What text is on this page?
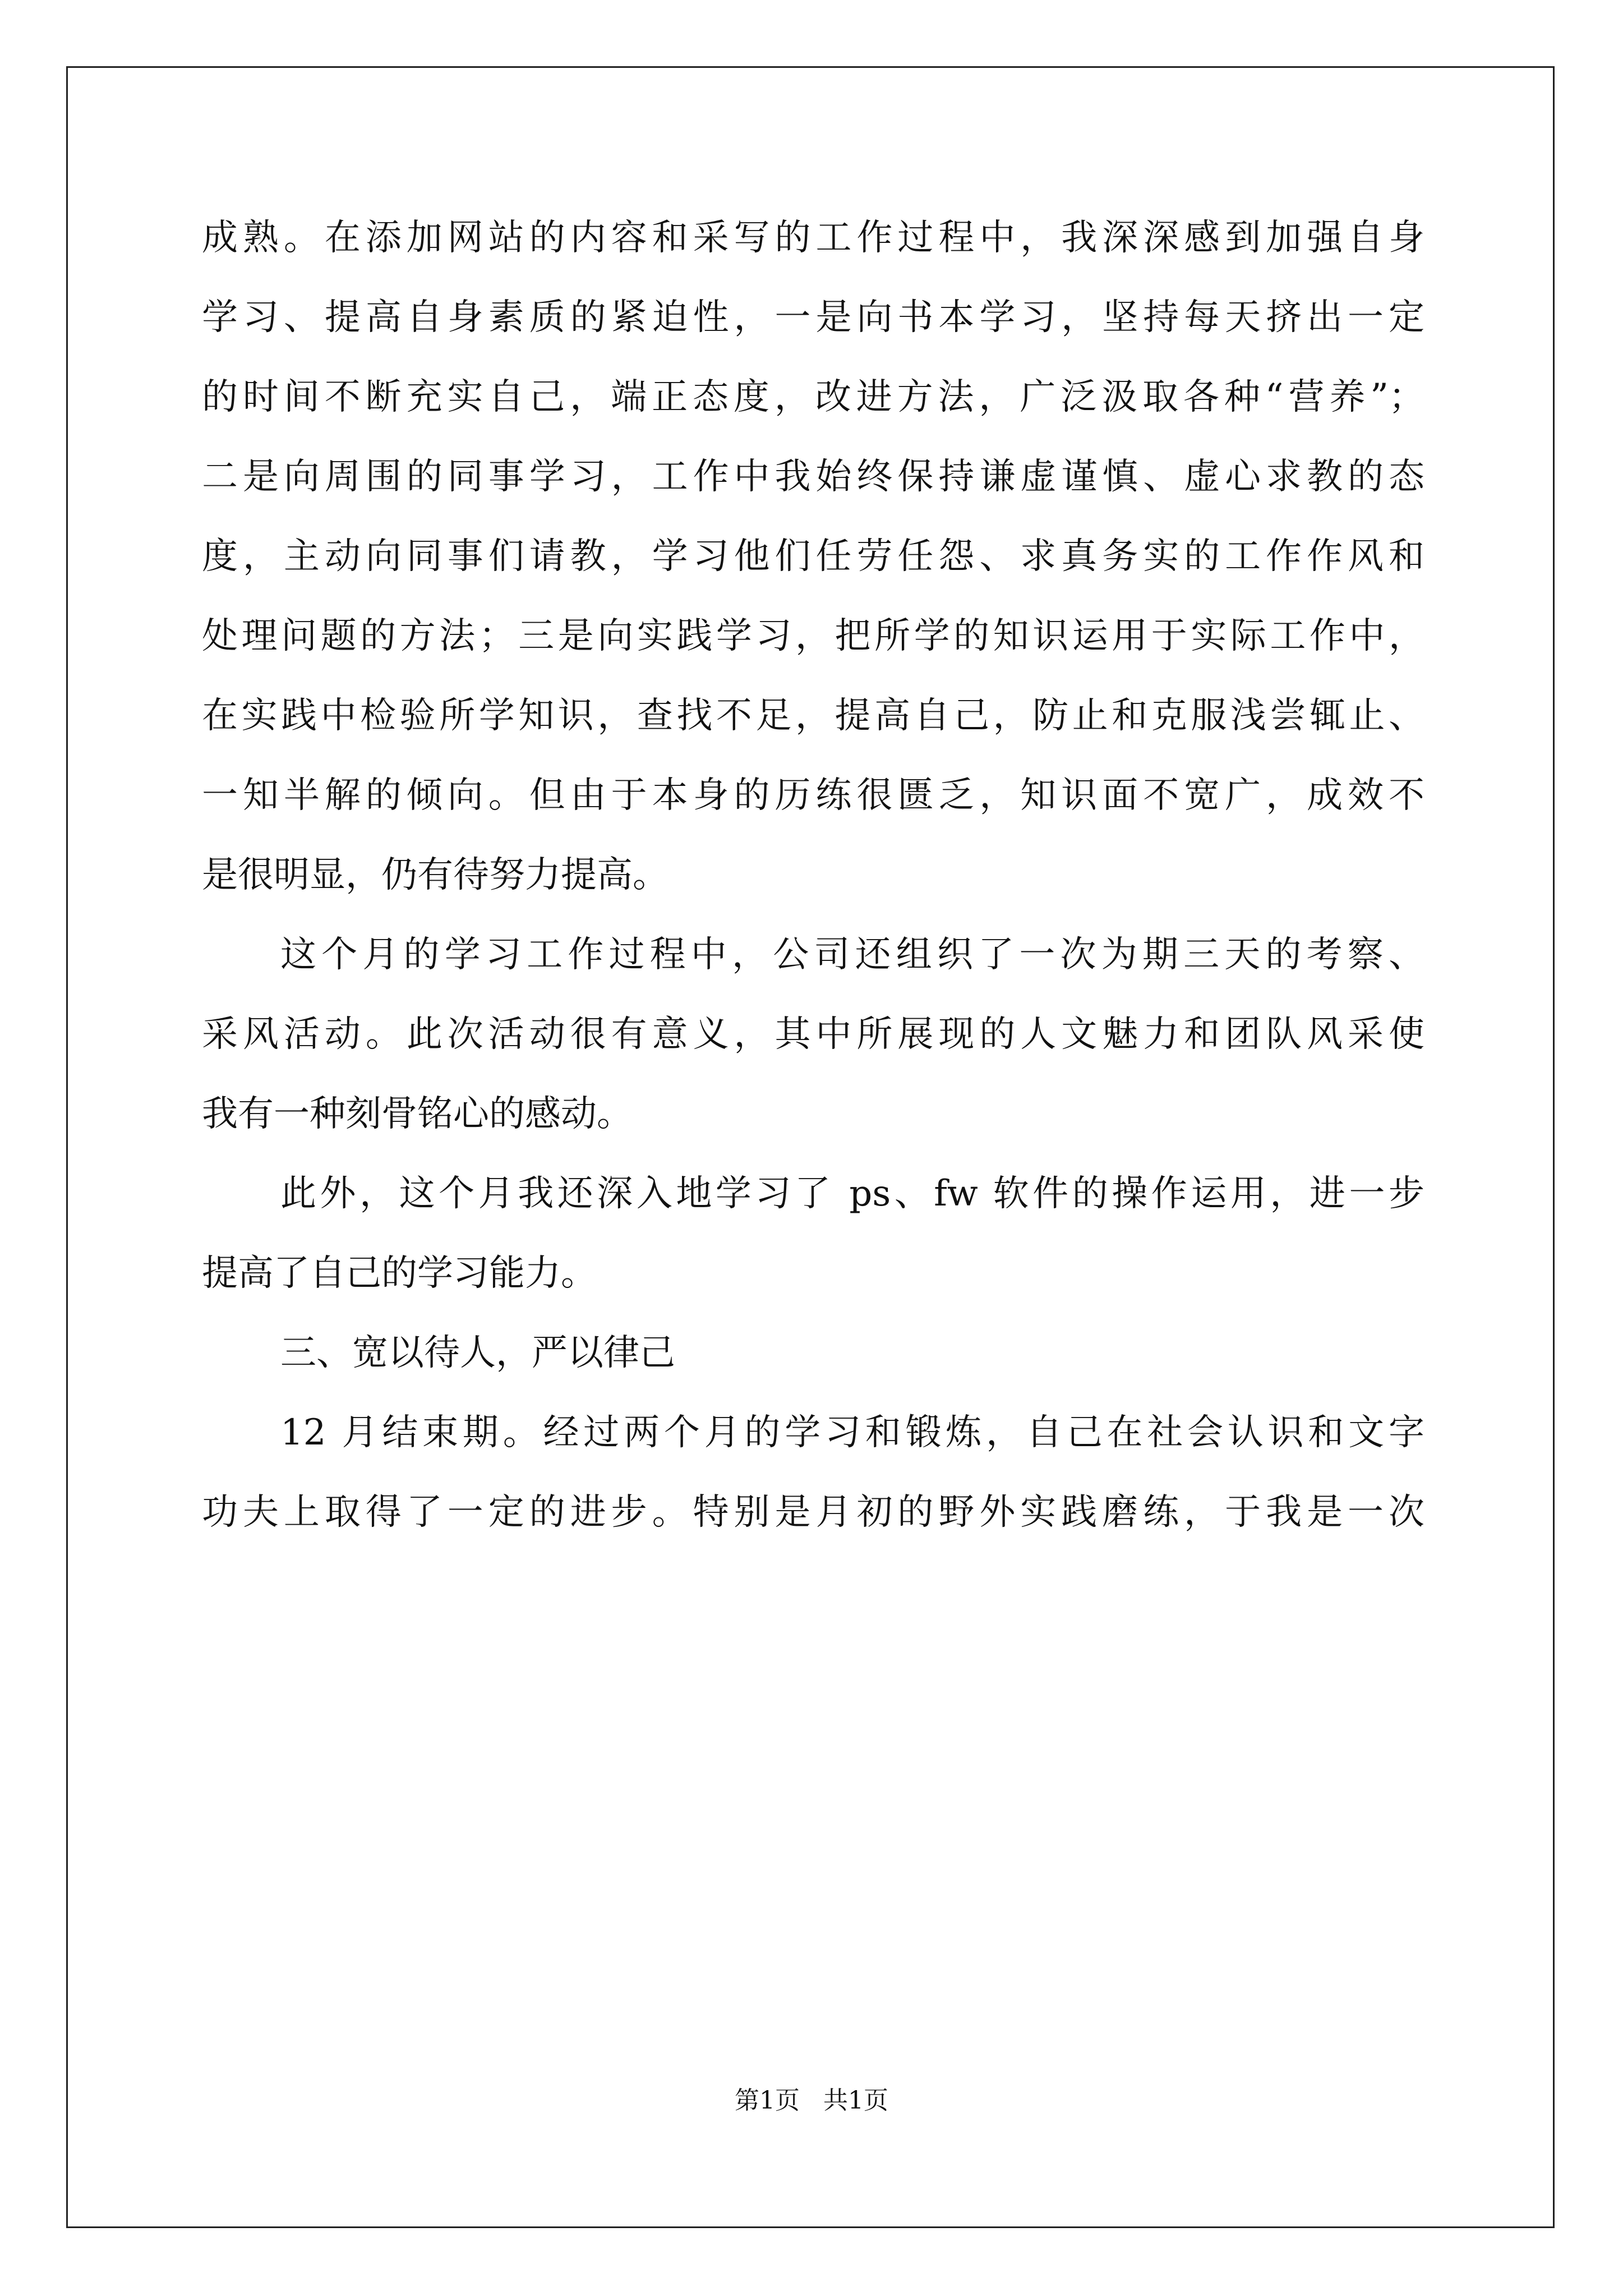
成熟。在添加网站的内容和采写的工作过程中，我深深感到加强自身

学习、提高自身素质的紧迫性，一是向书本学习，坚持每天挤出一定

的时间不断充实自己，端正态度，改进方法，广泛汲取各种“营养”；

二是向周围的同事学习，工作中我始终保持谦虚谨慎、虚心求教的态

度，主动向同事们请教，学习他们任劳任怨、求真务实的工作作风和

处理问题的方法；三是向实践学习，把所学的知识运用于实际工作中，

在实践中检验所学知识，查找不足，提高自己，防止和克服浅尝辄止、

一知半解的倾向。但由于本身的历练很匮乏，知识面不宽广，成效不

是很明显，仍有待努力提高。

这个月的学习工作过程中，公司还组织了一次为期三天的考察、

采风活动。此次活动很有意义，其中所展现的人文魅力和团队风采使

我有一种刻骨铭心的感动。

此外，这个月我还深入地学习了 ps、fw 软件的操作运用，进一步

提高了自己的学习能力。

三、宽以待人，严以律己

12 月结束期。经过两个月的学习和锻炼，自己在社会认识和文字

功夫上取得了一定的进步。特别是月初的野外实践磨练，于我是一次

第1页   共1页
